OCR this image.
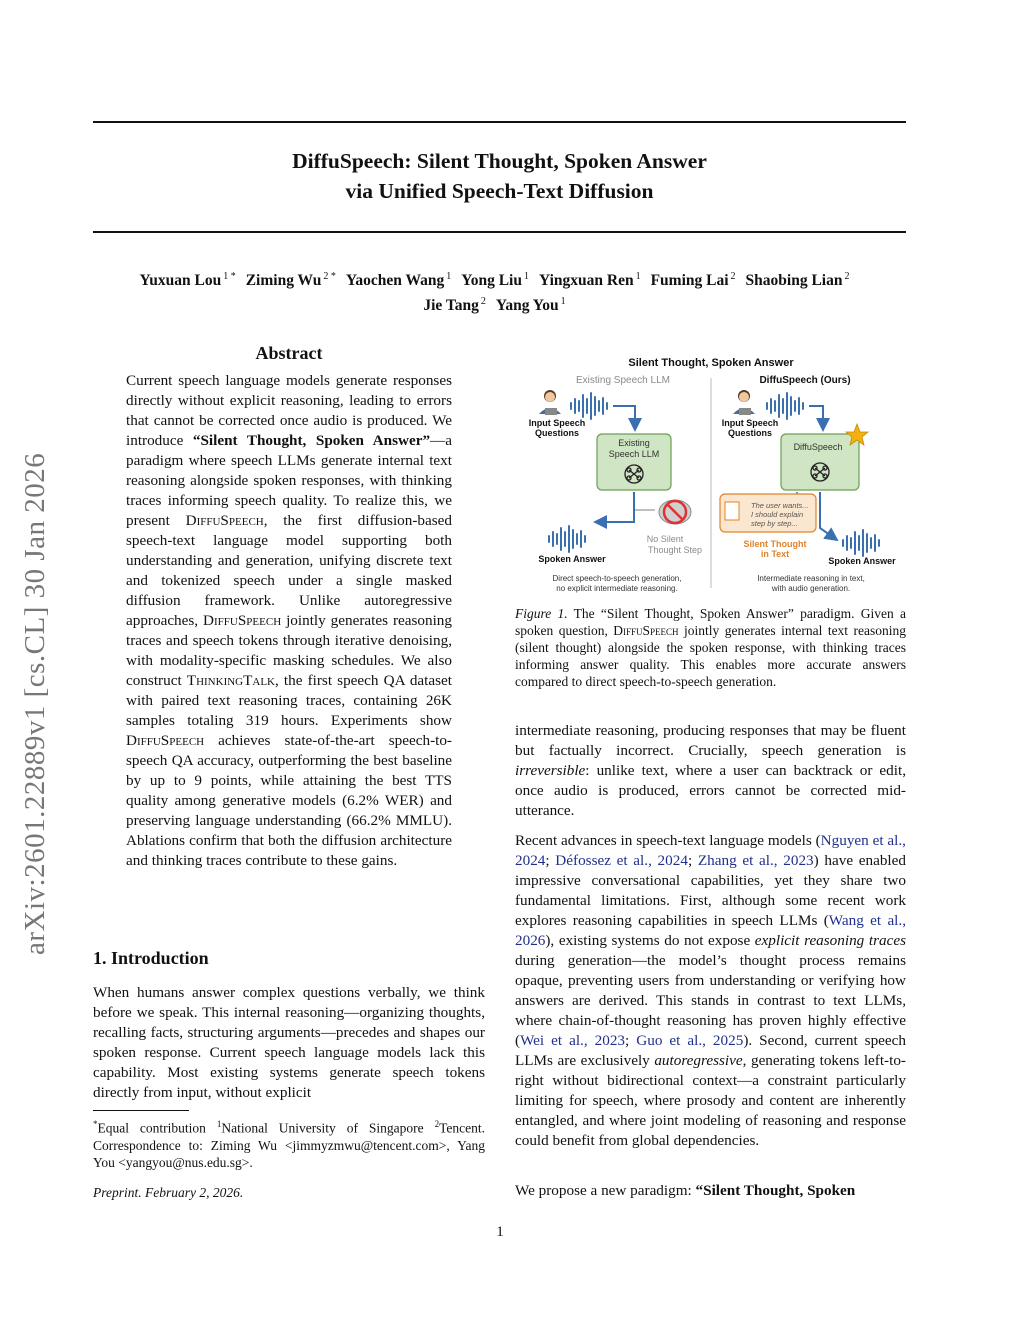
arXiv:2601.22889v1 [cs.CL] 30 Jan 2026
DiffuSpeech: Silent Thought, Spoken Answer
via Unified Speech-Text Diffusion
Yuxuan Lou $^{1 *}$ Ziming Wu $^{2 *}$ Yaochen Wang $^1$ Yong Liu $^1$ Yingxuan Ren $^1$ Fuming Lai $^2$ Shaobing Lian $^2$
Jie Tang $^2$ Yang You $^1$
Abstract
Current speech language models generate responses directly without explicit reasoning, leading to errors that cannot be corrected once audio is produced. We introduce “Silent Thought, Spoken Answer”—a paradigm where speech LLMs generate internal text reasoning alongside spoken responses, with thinking traces informing speech quality. To realize this, we present DiffuSpeech, the first diffusion-based speech-text language model supporting both understanding and generation, unifying discrete text and tokenized speech under a single masked diffusion framework. Unlike autoregressive approaches, DiffuSpeech jointly generates reasoning traces and speech tokens through iterative denoising, with modality-specific masking schedules. We also construct ThinkingTalk, the first speech QA dataset with paired text reasoning traces, containing 26K samples totaling 319 hours. Experiments show DiffuSpeech achieves state-of-the-art speech-to-speech QA accuracy, outperforming the best baseline by up to 9 points, while attaining the best TTS quality among generative models (6.2% WER) and preserving language understanding (66.2% MMLU). Ablations confirm that both the diffusion architecture and thinking traces contribute to these gains.
1. Introduction
When humans answer complex questions verbally, we think before we speak. This internal reasoning—organizing thoughts, recalling facts, structuring arguments—precedes and shapes our spoken response. Current speech language models lack this capability. Most existing systems generate speech tokens directly from input, without explicit
*Equal contribution $^1$National University of Singapore $^2$Tencent. Correspondence to: Ziming Wu <jimmyzmwu@tencent.com>, Yang You <yangyou@nus.edu.sg>.
Preprint. February 2, 2026.
Silent Thought, Spoken Answer
Existing Speech LLM	DiffuSpeech (Ours)
Input Speech
Questions
Existing
Speech LLM
No Silent
Thought Step
Spoken Answer
Direct speech-to-speech generation,
no explicit intermediate reasoning.
Input Speech
Questions
DiffuSpeech
The user wants...
I should explain
step by step...
Silent Thought
in Text
Spoken Answer
Intermediate reasoning in text,
with audio generation.
Figure 1. The “Silent Thought, Spoken Answer” paradigm. Given a spoken question, DiffuSpeech jointly generates internal text reasoning (silent thought) alongside the spoken response, with thinking traces informing answer quality. This enables more accurate answers compared to direct speech-to-speech generation.
intermediate reasoning, producing responses that may be fluent but factually incorrect. Crucially, speech generation is irreversible: unlike text, where a user can backtrack or edit, once audio is produced, errors cannot be corrected mid-utterance.
Recent advances in speech-text language models (Nguyen et al., 2024; Défossez et al., 2024; Zhang et al., 2023) have enabled impressive conversational capabilities, yet they share two fundamental limitations. First, although some recent work explores reasoning capabilities in speech LLMs (Wang et al., 2026), existing systems do not expose explicit reasoning traces during generation—the model’s thought process remains opaque, preventing users from understanding or verifying how answers are derived. This stands in contrast to text LLMs, where chain-of-thought reasoning has proven highly effective (Wei et al., 2023; Guo et al., 2025). Second, current speech LLMs are exclusively autoregressive, generating tokens left-to-right without bidirectional context—a constraint particularly limiting for speech, where prosody and content are inherently entangled, and where joint modeling of reasoning and response could benefit from global dependencies.
We propose a new paradigm: “Silent Thought, Spoken
1
